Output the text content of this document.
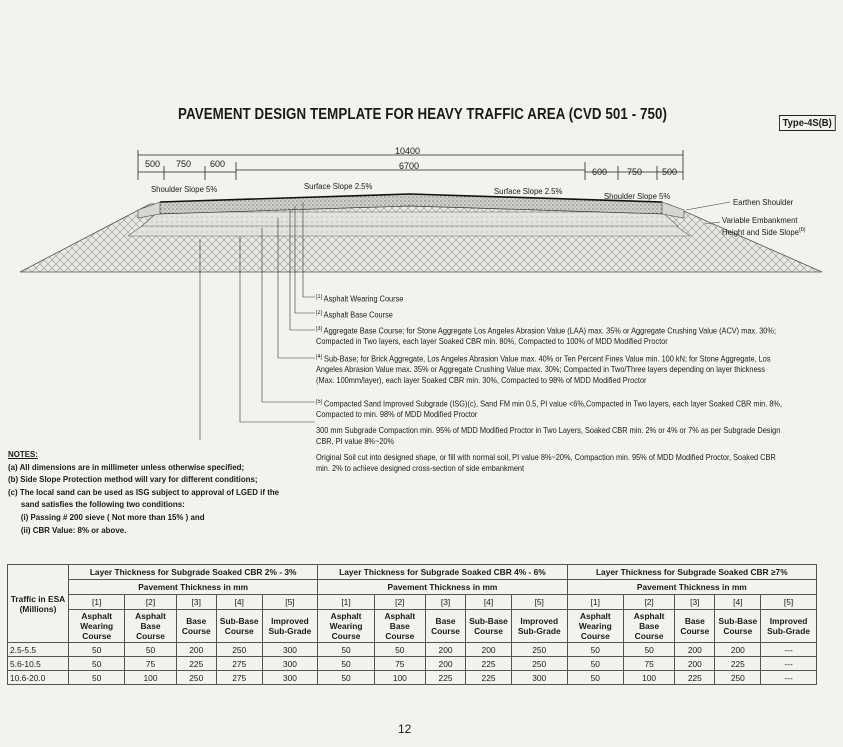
PAVEMENT DESIGN TEMPLATE FOR HEAVY TRAFFIC AREA (CVD 501 - 750)	Type-4S(B)
10400
6700
500 750 600
600 750 500
Shoulder Slope 5%	Surface Slope 2.5%	Surface Slope 2.5%	Shoulder Slope 5%
Earthen Shoulder
Variable Embankment
Height and Side Slope$^{(b)}$
[1] Asphalt Wearing Course
[2] Asphalt Base Course
[3] Aggregate Base Course; for Stone Aggregate Los Angeles Abrasion Value (LAA) max. 35% or Aggregate Crushing Value (ACV) max. 30%; Compacted in Two layers, each layer Soaked CBR min. 80%, Compacted to 100% of MDD Modified Proctor
[4] Sub-Base; for Brick Aggregate, Los Angeles Abrasion Value max. 40% or Ten Percent Fines Value min. 100 kN; for Stone Aggregate, Los Angeles Abrasion Value max. 35% or Aggregate Crushing Value max. 30%; Compacted in Two/Three layers depending on layer thickness (Max. 100mm/layer), each layer Soaked CBR min. 30%, Compacted to 98% of MDD Modified Proctor
[5] Compacted Sand Improved Subgrade (ISG)(c), Sand FM min 0.5, PI value <6%,Compacted in Two layers, each layer Soaked CBR min. 8%, Compacted to min. 98% of MDD Modified Proctor
300 mm Subgrade Compaction min. 95% of MDD Modified Proctor in Two Layers, Soaked CBR min. 2% or 4% or 7% as per Subgrade Design CBR, PI value 8%~20%
Original Soil cut into designed shape, or fill with normal soil, PI value 8%~20%, Compaction min. 95% of MDD Modified Proctor, Soaked CBR min. 2% to achieve designed cross-section of side embankment
NOTES:
(a) All dimensions are in millimeter unless otherwise specified;
(b) Side Slope Protection method will vary for different conditions;
(c) The local sand can be used as ISG subject to approval of LGED if the
sand satisfies the following two conditions:
(i) Passing # 200 sieve ( Not more than 15% ) and
(ii) CBR Value: 8% or above.
Traffic in ESA (Millions)	Layer Thickness for Subgrade Soaked CBR 2% - 3%					Layer Thickness for Subgrade Soaked CBR 4% - 6%					Layer Thickness for Subgrade Soaked CBR ≥7%				
	Pavement Thickness in mm					Pavement Thickness in mm					Pavement Thickness in mm				
	[1]	[2]	[3]	[4]	[5]	[1]	[2]	[3]	[4]	[5]	[1]	[2]	[3]	[4]	[5]
	Asphalt Wearing Course	Asphalt Base Course	Base Course	Sub-Base Course	Improved Sub-Grade	Asphalt Wearing Course	Asphalt Base Course	Base Course	Sub-Base Course	Improved Sub-Grade	Asphalt Wearing Course	Asphalt Base Course	Base Course	Sub-Base Course	Improved Sub-Grade
2.5-5.5	50	50	200	250	300	50	50	200	200	250	50	50	200	200	---
5.6-10.5	50	75	225	275	300	50	75	200	225	250	50	75	200	225	---
10.6-20.0	50	100	250	275	300	50	100	225	225	300	50	100	225	250	---
12
